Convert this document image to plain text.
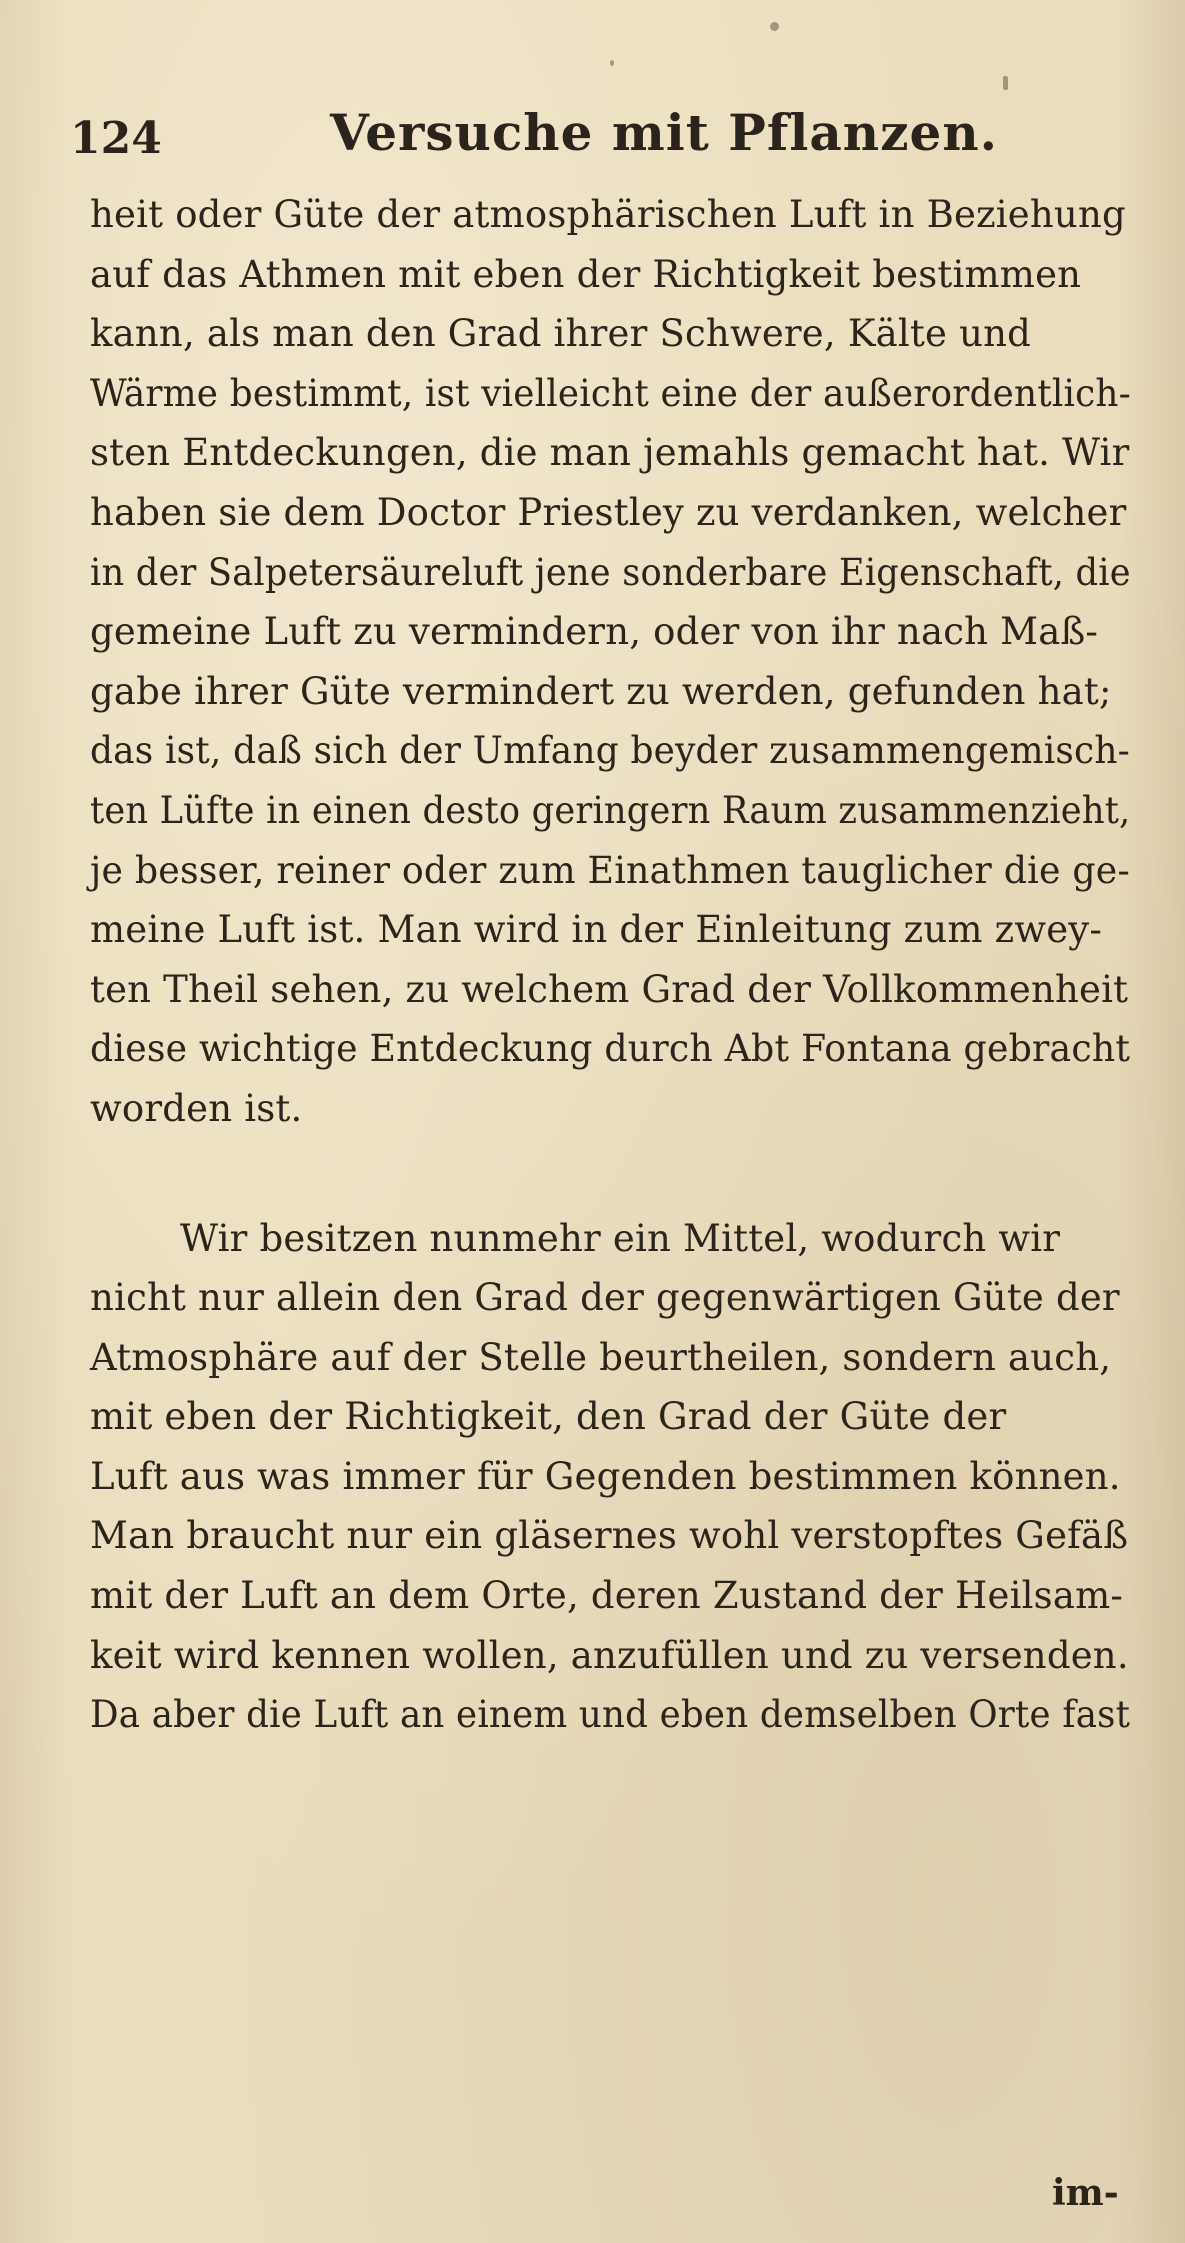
124	Versuche mit Pflanzen.
heit oder Güte der atmosphärischen Luft in Beziehung
auf das Athmen mit eben der Richtigkeit bestimmen
kann, als man den Grad ihrer Schwere, Kälte und
Wärme bestimmt, ist vielleicht eine der außerordentlich-
sten Entdeckungen, die man jemahls gemacht hat. Wir
haben sie dem Doctor Priestley zu verdanken, welcher
in der Salpetersäureluft jene sonderbare Eigenschaft, die
gemeine Luft zu vermindern, oder von ihr nach Maß-
gabe ihrer Güte vermindert zu werden, gefunden hat;
das ist, daß sich der Umfang beyder zusammengemisch-
ten Lüfte in einen desto geringern Raum zusammenzieht,
je besser, reiner oder zum Einathmen tauglicher die ge-
meine Luft ist. Man wird in der Einleitung zum zwey-
ten Theil sehen, zu welchem Grad der Vollkommenheit
diese wichtige Entdeckung durch Abt Fontana gebracht
worden ist.
Wir besitzen nunmehr ein Mittel, wodurch wir
nicht nur allein den Grad der gegenwärtigen Güte der
Atmosphäre auf der Stelle beurtheilen, sondern auch,
mit eben der Richtigkeit, den Grad der Güte der
Luft aus was immer für Gegenden bestimmen können.
Man braucht nur ein gläsernes wohl verstopftes Gefäß
mit der Luft an dem Orte, deren Zustand der Heilsam-
keit wird kennen wollen, anzufüllen und zu versenden.
Da aber die Luft an einem und eben demselben Orte fast
im-
